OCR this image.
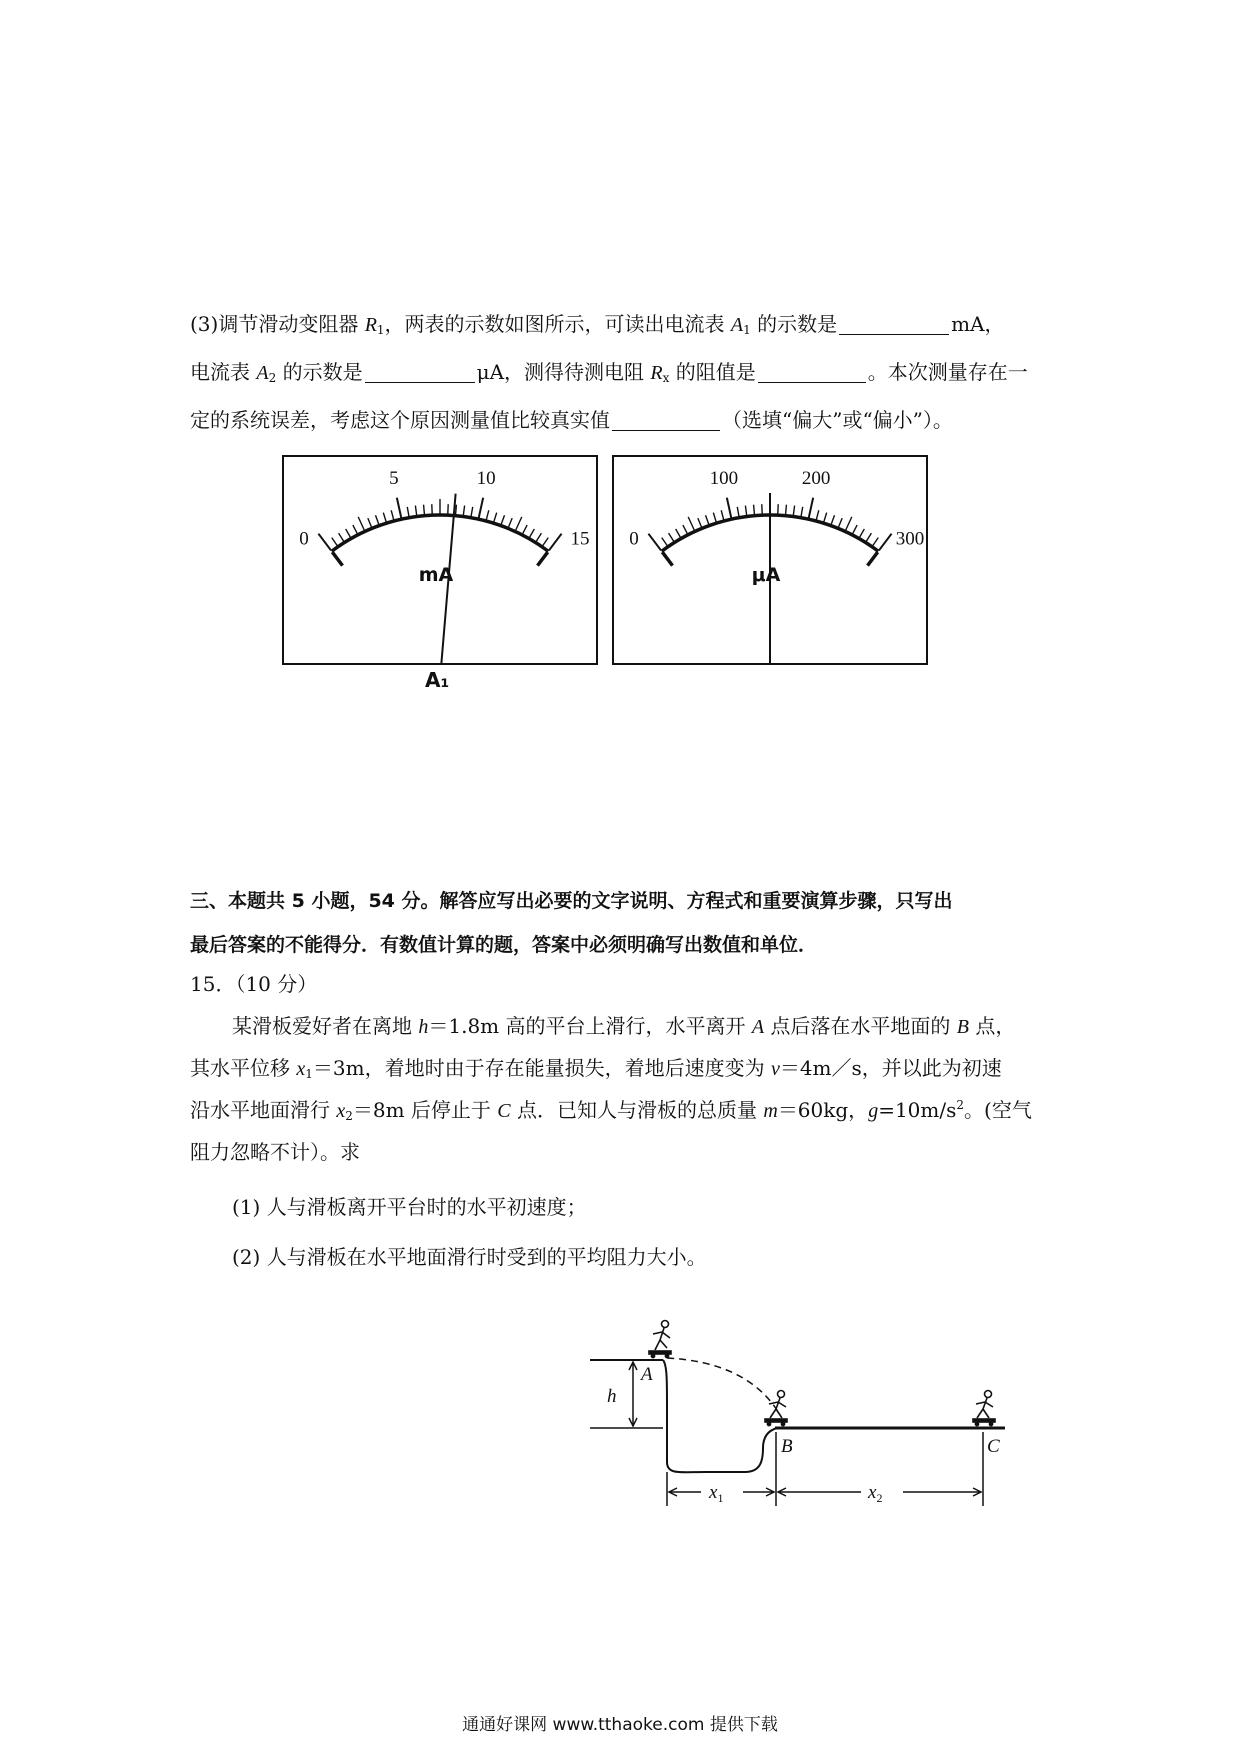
(3)调节滑动变阻器 $R_1$，两表的示数如图所示，可读出电流表 $A_1$ 的示数是	mA，
电流表 $A_2$ 的示数是	μA，测得待测电阻 $R_x$ 的阻值是	。本次测量存在一
定的系统误差，考虑这个原因测量值比较真实值	（选填“偏大”或“偏小”）。
0
5	10
15
mA
A₁
0
100	200
300
μA
三、本题共 5 小题，54 分。解答应写出必要的文字说明、方程式和重要演算步骤，只写出
最后答案的不能得分．有数值计算的题，答案中必须明确写出数值和单位．
15．（10 分）
某滑板爱好者在离地 h＝1.8m 高的平台上滑行，水平离开 A 点后落在水平地面的 B 点，
其水平位移 $x_1=3m$，着地时由于存在能量损失，着地后速度变为 v＝4m／s，并以此为初速
沿水平地面滑行 $x_2=8m$ 后停止于 C 点．已知人与滑板的总质量 m＝60kg，$g=10m/s^2$。(空气
阻力忽略不计）。求
(1) 人与滑板离开平台时的水平初速度；
(2) 人与滑板在水平地面滑行时受到的平均阻力大小。
h
A
B	C
$x_1$	$x_2$
通通好课网 www.tthaoke.com 提供下载
